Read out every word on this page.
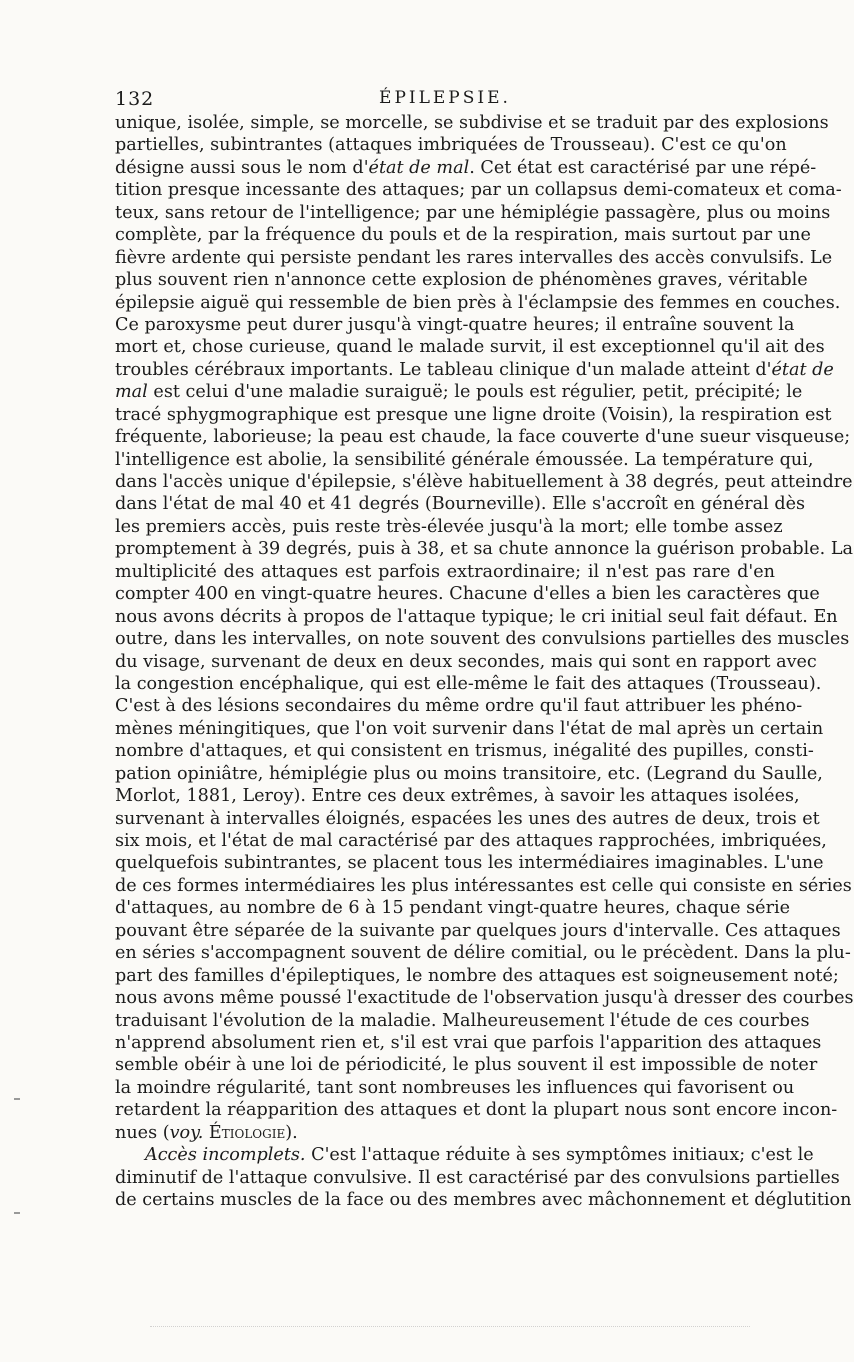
132	ÉPILEPSIE.
unique, isolée, simple, se morcelle, se subdivise et se traduit par des explosions
partielles, subintrantes (attaques imbriquées de Trousseau). C'est ce qu'on
désigne aussi sous le nom d'état de mal. Cet état est caractérisé par une répé-
tition presque incessante des attaques; par un collapsus demi-comateux et coma-
teux, sans retour de l'intelligence; par une hémiplégie passagère, plus ou moins
complète, par la fréquence du pouls et de la respiration, mais surtout par une
fièvre ardente qui persiste pendant les rares intervalles des accès convulsifs. Le
plus souvent rien n'annonce cette explosion de phénomènes graves, véritable
épilepsie aiguë qui ressemble de bien près à l'éclampsie des femmes en couches.
Ce paroxysme peut durer jusqu'à vingt-quatre heures; il entraîne souvent la
mort et, chose curieuse, quand le malade survit, il est exceptionnel qu'il ait des
troubles cérébraux importants. Le tableau clinique d'un malade atteint d'état de
mal est celui d'une maladie suraiguë; le pouls est régulier, petit, précipité; le
tracé sphygmographique est presque une ligne droite (Voisin), la respiration est
fréquente, laborieuse; la peau est chaude, la face couverte d'une sueur visqueuse;
l'intelligence est abolie, la sensibilité générale émoussée. La température qui,
dans l'accès unique d'épilepsie, s'élève habituellement à 38 degrés, peut atteindre
dans l'état de mal 40 et 41 degrés (Bourneville). Elle s'accroît en général dès
les premiers accès, puis reste très-élevée jusqu'à la mort; elle tombe assez
promptement à 39 degrés, puis à 38, et sa chute annonce la guérison probable. La
multiplicité des attaques est parfois extraordinaire; il n'est pas rare d'en
compter 400 en vingt-quatre heures. Chacune d'elles a bien les caractères que
nous avons décrits à propos de l'attaque typique; le cri initial seul fait défaut. En
outre, dans les intervalles, on note souvent des convulsions partielles des muscles
du visage, survenant de deux en deux secondes, mais qui sont en rapport avec
la congestion encéphalique, qui est elle-même le fait des attaques (Trousseau).
C'est à des lésions secondaires du même ordre qu'il faut attribuer les phéno-
mènes méningitiques, que l'on voit survenir dans l'état de mal après un certain
nombre d'attaques, et qui consistent en trismus, inégalité des pupilles, consti-
pation opiniâtre, hémiplégie plus ou moins transitoire, etc. (Legrand du Saulle,
Morlot, 1881, Leroy). Entre ces deux extrêmes, à savoir les attaques isolées,
survenant à intervalles éloignés, espacées les unes des autres de deux, trois et
six mois, et l'état de mal caractérisé par des attaques rapprochées, imbriquées,
quelquefois subintrantes, se placent tous les intermédiaires imaginables. L'une
de ces formes intermédiaires les plus intéressantes est celle qui consiste en séries
d'attaques, au nombre de 6 à 15 pendant vingt-quatre heures, chaque série
pouvant être séparée de la suivante par quelques jours d'intervalle. Ces attaques
en séries s'accompagnent souvent de délire comitial, ou le précèdent. Dans la plu-
part des familles d'épileptiques, le nombre des attaques est soigneusement noté;
nous avons même poussé l'exactitude de l'observation jusqu'à dresser des courbes
traduisant l'évolution de la maladie. Malheureusement l'étude de ces courbes
n'apprend absolument rien et, s'il est vrai que parfois l'apparition des attaques
semble obéir à une loi de périodicité, le plus souvent il est impossible de noter
la moindre régularité, tant sont nombreuses les influences qui favorisent ou
retardent la réapparition des attaques et dont la plupart nous sont encore incon-
nues (voy. Étiologie).
Accès incomplets. C'est l'attaque réduite à ses symptômes initiaux; c'est le
diminutif de l'attaque convulsive. Il est caractérisé par des convulsions partielles
de certains muscles de la face ou des membres avec mâchonnement et déglutition
